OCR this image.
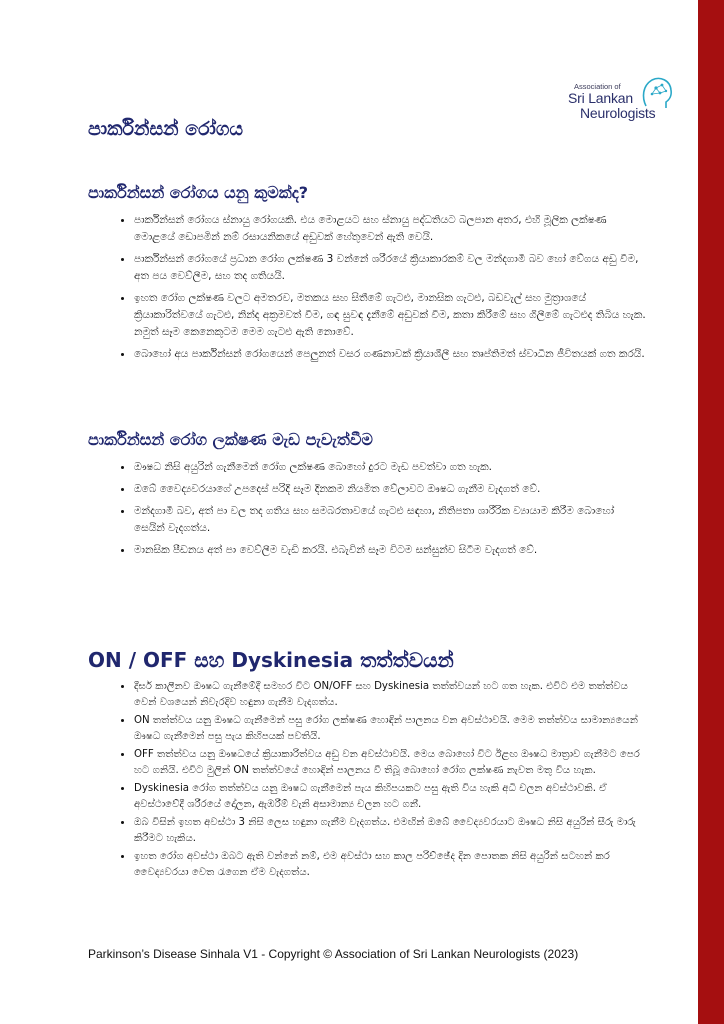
Association of
Sri Lankan
Neurologists
පාර්කින්සන් රෝගය
පාර්කින්සන් රෝගය යනු කුමක්ද?
• පාර්කින්සන් රෝගය ස්නායු රෝගයකි. එය මොළයට සහ ස්නායු පද්ධතියට බලපාන අතර, එහි මූලික ලක්ෂණ මොළයේ ඩොපමින් නම් රසායනිකයේ අඩුවක් හේතුවෙන් ඇති වෙයි.
• පාර්කින්සන් රෝගයේ ප්‍රධාන රෝග ලක්ෂණ 3 වන්නේ ශරීරයේ ක්‍රියාකාරකම් වල මන්දගාමී බව හෝ වේගය අඩු වීම, අත පය වෙව්ලීම, සහ තද ගතියයි.
• ඉහත රෝග ලක්ෂණ වලට අමතරව, මතකය සහ සිතීමේ ගැටළු, මානසික ගැටළු, බඩවැල් සහ මුත්‍රාශයේ ක්‍රියාකාරිත්වයේ ගැටළු, නින්ද අක්‍රමවත් වීම, ගඳ සුවඳ දැනීමේ අඩුවක් වීම, කතා කිරීමේ සහ ගිලීමේ ගැටළුද තිබිය හැක. නමුත් සෑම කෙනෙකුටම මෙම ගැටළු ඇති නොවේ.
• බොහෝ අය පාර්කින්සන් රෝගයෙන් පෙලුනත් වසර ගණනාවක් ක්‍රියාශීලී සහ තෘප්තිමත් ස්වාධීන ජීවිතයක් ගත කරයි.
පාර්කින්සන් රෝග ලක්ෂණ මැඩ පැවැත්වීම
• ඖෂධ නිසි අයුරින් ගැනීමෙන් රෝග ලක්ෂණ බොහෝ දුරට මැඩ පවත්වා ගත හැක.
• ඔබේ වෛද්‍යවරයාගේ උපදෙස් පරිදි සෑම දිනකම නියමිත වේලාවට ඖෂධ ගැනීම වැදගත් වේ.
• මන්දගාමී බව, අත් පා වල තද ගතිය සහ සමබරතාවයේ ගැටළු සඳහා, නිතිපතා ශාරීරික ව්‍යායාම කිරීම බොහෝ සෙයින් වැදගත්ය.
• මානසික පීඩනය අත් පා වෙව්ලීම වැඩි කරයි. එබැවින් සෑම විටම සන්සුන්ව සිටීම වැදගත් වේ.
ON / OFF සහ Dyskinesia තත්ත්වයන්
• දීර්ඝ කාලීනව ඖෂධ ගැනීමේදී සමහර විට ON/OFF සහ Dyskinesia තත්ත්වයන් හට ගත හැක. එවිට එම තත්ත්වය වෙන් වශයෙන් නිවැරදිව හඳුනා ගැනීම වැදගත්ය.
• ON තත්ත්වය යනු ඖෂධ ගැනීමෙන් පසු රෝග ලක්ෂණ හොඳින් පාලනය වන අවස්ථාවයි. මෙම තත්ත්වය සාමාන්‍යයෙන් ඖෂධ ගැනීමෙන් පසු පැය කිහිපයක් පවතියි.
• OFF තත්ත්වය යනු ඖෂධයේ ක්‍රියාකාරිත්වය අඩු වන අවස්ථාවයි. මෙය බොහෝ විට ඊළඟ ඖෂධ මාත්‍රාව ගැනීමට පෙර හට ගනියි. එවිට මුලින් ON තත්ත්වයේ හොඳින් පාලනය වී තිබූ බොහෝ රෝග ලක්ෂණ නැවත මතු විය හැක.
• Dyskinesia රෝග තත්ත්වය යනු ඖෂධ ගැනීමෙන් පැය කිහිපයකට පසු ඇති විය හැකි අධි චලන අවස්ථාවකි. ඒ අවස්ථාවේදී ශරීරයේ දෝලන, ඇඹරීම් වැනි අසාමාන්‍ය චලන හට ගනී.
• ඔබ විසින් ඉහත අවස්ථා 3 නිසි ලෙස හඳුනා ගැනීම වැදගත්ය. එමඟින් ඔබේ වෛද්‍යවරයාට ඖෂධ නිසි අයුරින් සීරු මාරු කිරීමට හැකිය.
• ඉහත රෝග අවස්ථා ඔබට ඇති වන්නේ නම්, එම අවස්ථා සහ කාල පරිච්ඡේද දින පොතක නිසි අයුරින් සටහන් කර වෛද්‍යවරයා වෙත රැගෙන ඒම වැදගත්ය.
Parkinson’s Disease Sinhala V1 - Copyright © Association of Sri Lankan Neurologists (2023)
